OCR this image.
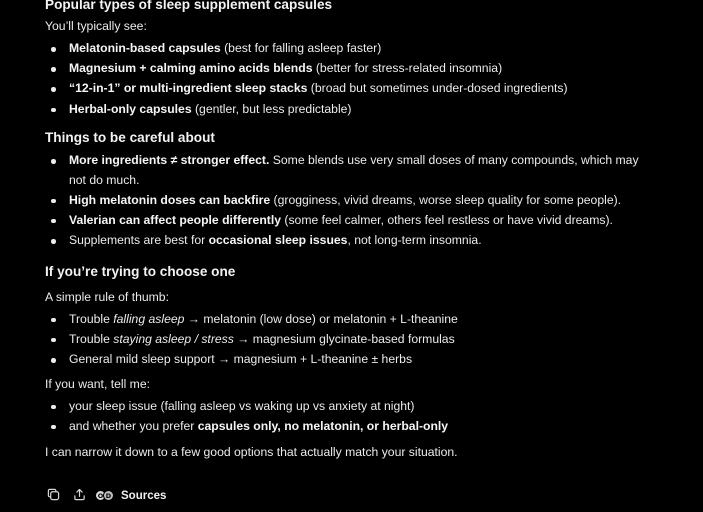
Popular types of sleep supplement capsules

You’ll typically see:

Melatonin-based capsules (best for falling asleep faster)
Magnesium + calming amino acids blends (better for stress-related insomnia)
“12-in-1” or multi-ingredient sleep stacks (broad but sometimes under-dosed ingredients)
Herbal-only capsules (gentler, but less predictable)
Things to be careful about
More ingredients ≠ stronger effect. Some blends use very small doses of many compounds, which may
not do much.
High melatonin doses can backfire (grogginess, vivid dreams, worse sleep quality for some people).
Valerian can affect people differently (some feel calmer, others feel restless or have vivid dreams).
Supplements are best for occasional sleep issues, not long-term insomnia.
If you’re trying to choose one

A simple rule of thumb:

Trouble falling asleep → melatonin (low dose) or melatonin + L-theanine
Trouble staying asleep / stress → magnesium glycinate-based formulas
General mild sleep support → magnesium + L-theanine ± herbs

If you want, tell me:

your sleep issue (falling asleep vs waking up vs anxiety at night)
and whether you prefer capsules only, no melatonin, or herbal-only

I can narrow it down to a few good options that actually match your situation.

O D Sources
